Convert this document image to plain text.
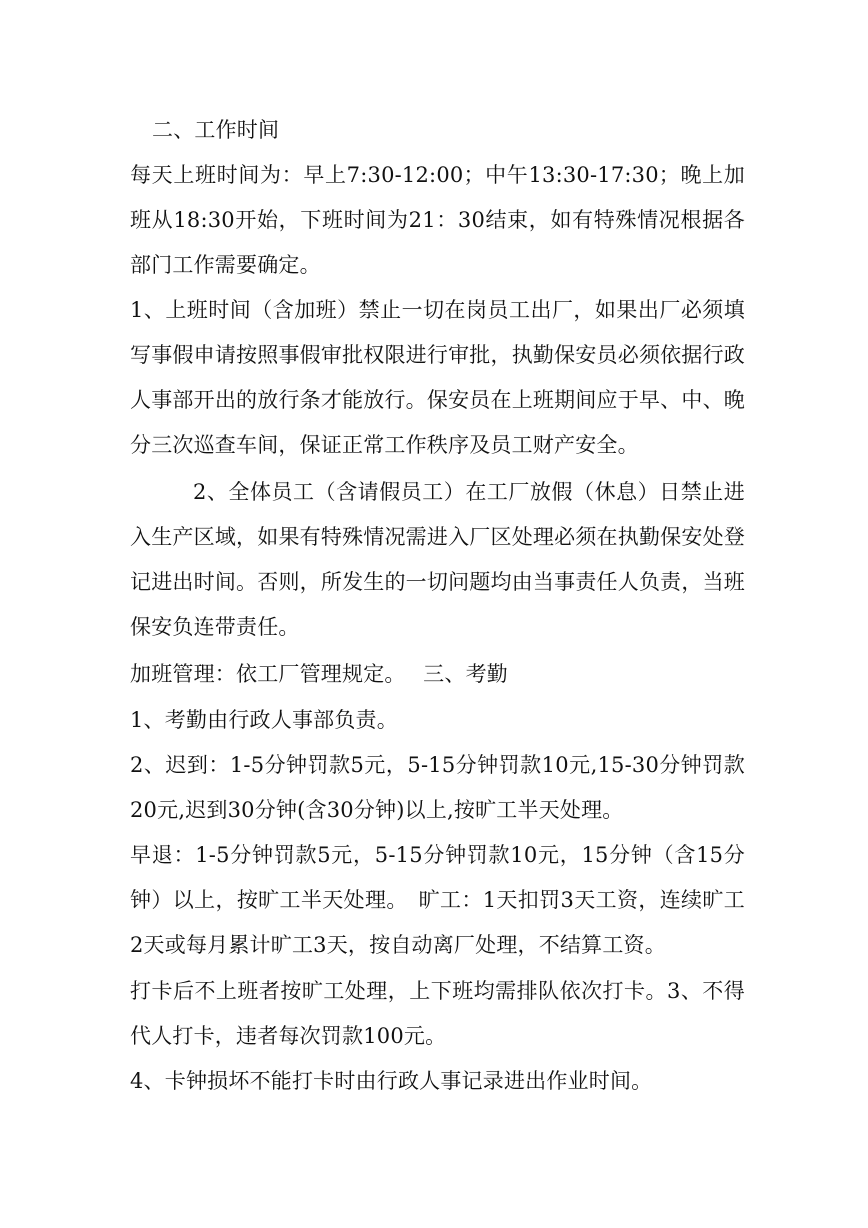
二、工作时间

每天上班时间为：早上7:30-12:00；中午13:30-17:30；晚上加班从18:30开始，下班时间为21：30结束，如有特殊情况根据各部门工作需要确定。

1、上班时间（含加班）禁止一切在岗员工出厂，如果出厂必须填写事假申请按照事假审批权限进行审批，执勤保安员必须依据行政人事部开出的放行条才能放行。保安员在上班期间应于早、中、晚分三次巡查车间，保证正常工作秩序及员工财产安全。

2、全体员工（含请假员工）在工厂放假（休息）日禁止进入生产区域，如果有特殊情况需进入厂区处理必须在执勤保安处登记进出时间。否则，所发生的一切问题均由当事责任人负责，当班保安负连带责任。

加班管理：依工厂管理规定。　 三、考勤

1、考勤由行政人事部负责。

2、迟到：1-5分钟罚款5元，5-15分钟罚款10元,15-30分钟罚款20元,迟到30分钟(含30分钟)以上,按旷工半天处理。

早退：1-5分钟罚款5元，5-15分钟罚款10元，15分钟（含15分钟）以上，按旷工半天处理。　旷工：1天扣罚3天工资，连续旷工2天或每月累计旷工3天，按自动离厂处理，不结算工资。

打卡后不上班者按旷工处理，上下班均需排队依次打卡。3、不得代人打卡，违者每次罚款100元。

4、卡钟损坏不能打卡时由行政人事记录进出作业时间。
